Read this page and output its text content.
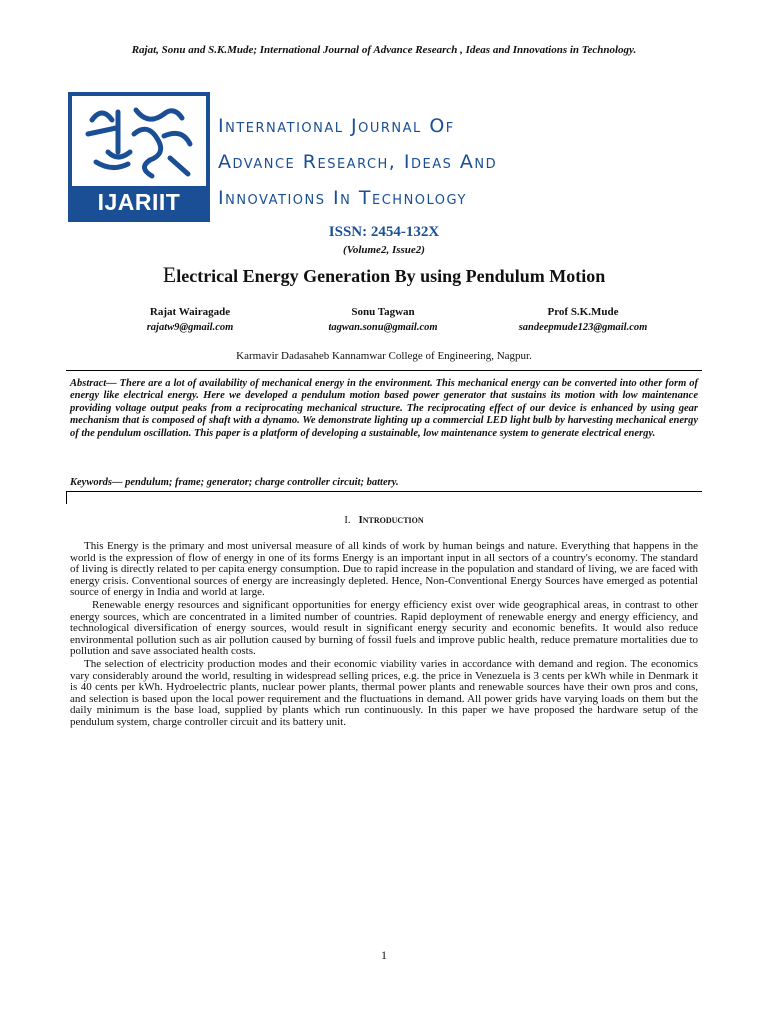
Rajat, Sonu and S.K.Mude; International Journal of Advance Research , Ideas and Innovations in Technology.
IJARIIT
International Journal Of
Advance Research, Ideas And
Innovations In Technology
ISSN: 2454-132X
(Volume2, Issue2)
Electrical Energy Generation By using Pendulum Motion
Rajat Wairagade
rajatw9@gmail.com
Sonu Tagwan
tagwan.sonu@gmail.com
Prof S.K.Mude
sandeepmude123@gmail.com
Karmavir Dadasaheb Kannamwar College of Engineering, Nagpur.
Abstract— There are a lot of availability of mechanical energy in the environment. This mechanical energy can be converted into other form of energy like electrical energy. Here we developed a pendulum motion based power generator that sustains its motion with low maintenance providing voltage output peaks from a reciprocating mechanical structure. The reciprocating effect of our device is enhanced by using gear mechanism that is composed of shaft with a dynamo. We demonstrate lighting up a commercial LED light bulb by harvesting mechanical energy of the pendulum oscillation. This paper is a platform of developing a sustainable, low maintenance system to generate electrical energy.
Keywords— pendulum; frame; generator; charge controller circuit; battery.
I. Introduction

This Energy is the primary and most universal measure of all kinds of work by human beings and nature. Everything that happens in the world is the expression of flow of energy in one of its forms Energy is an important input in all sectors of a country's economy. The standard of living is directly related to per capita energy consumption. Due to rapid increase in the population and standard of living, we are faced with energy crisis. Conventional sources of energy are increasingly depleted. Hence, Non-Conventional Energy Sources have emerged as potential source of energy in India and world at large.

Renewable energy resources and significant opportunities for energy efficiency exist over wide geographical areas, in contrast to other energy sources, which are concentrated in a limited number of countries. Rapid deployment of renewable energy and energy efficiency, and technological diversification of energy sources, would result in significant energy security and economic benefits. It would also reduce environmental pollution such as air pollution caused by burning of fossil fuels and improve public health, reduce premature mortalities due to pollution and save associated health costs.

The selection of electricity production modes and their economic viability varies in accordance with demand and region. The economics vary considerably around the world, resulting in widespread selling prices, e.g. the price in Venezuela is 3 cents per kWh while in Denmark it is 40 cents per kWh. Hydroelectric plants, nuclear power plants, thermal power plants and renewable sources have their own pros and cons, and selection is based upon the local power requirement and the fluctuations in demand. All power grids have varying loads on them but the daily minimum is the base load, supplied by plants which run continuously. In this paper we have proposed the hardware setup of the pendulum system, charge controller circuit and its battery unit.

1
